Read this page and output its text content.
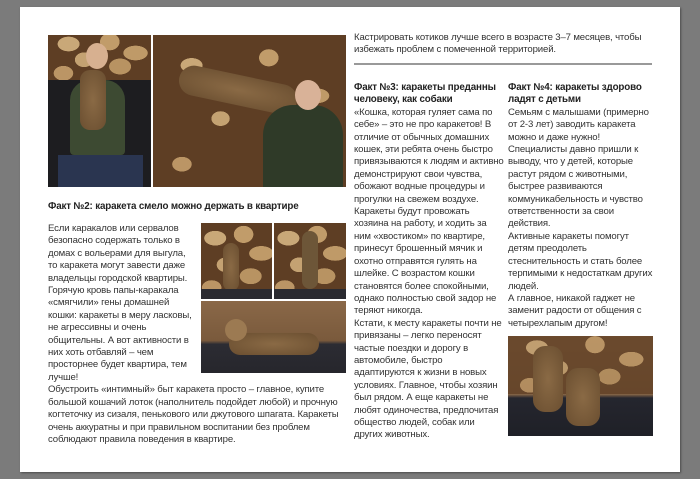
Кастрировать котиков лучше всего в возрасте 3–7 месяцев, чтобы избежать проблем с помеченной территорией.

Факт №2: каракета смело можно держать в квартире

Если каракалов или сервалов безопасно содержать только в домах с вольерами для выгула, то каракета могут завести даже владельцы городской квартиры. Горячую кровь папы-каракала «смягчили» гены домашней кошки: каракеты в меру ласковы, не агрессивны и очень общительны. А вот активности в них хоть отбавляй – чем просторнее будет квартира, тем лучше!

Обустроить «интимный» быт каракета просто – главное, купите большой кошачий лоток (наполнитель подойдет любой) и прочную когтеточку из сизаля, пенькового или джутового шпагата. Каракеты очень аккуратны и при правильном воспитании без проблем соблюдают правила поведения в квартире.

Факт №3: каракеты преданны человеку, как собаки

«Кошка, которая гуляет сама по себе» – это не про каракетов! В отличие от обычных домашних кошек, эти ребята очень быстро привязываются к людям и активно демонстрируют свои чувства, обожают водные процедуры и прогулки на свежем воздухе. Каракеты будут провожать хозяина на работу, и ходить за ним «хвостиком» по квартире, принесут брошенный мячик и охотно отправятся гулять на шлейке. С возрастом кошки становятся более спокойными, однако полностью свой задор не теряют никогда.

Кстати, к месту каракеты почти не привязаны – легко переносят частые поездки и дорогу в автомобиле, быстро адаптируются к жизни в новых условиях. Главное, чтобы хозяин был рядом. А еще каракеты не любят одиночества, предпочитая общество людей, собак или других животных.

Факт №4: каракеты здорово ладят с детьми

Семьям с малышами (примерно от 2-3 лет) заводить каракета можно и даже нужно! Специалисты давно пришли к выводу, что у детей, которые растут рядом с животными, быстрее развиваются коммуникабельность и чувство ответственности за свои действия.

Активные каракеты помогут детям преодолеть стеснительность и стать более терпимыми к недостаткам других людей.

А главное, никакой гаджет не заменит радости от общения с четырехлапым другом!
